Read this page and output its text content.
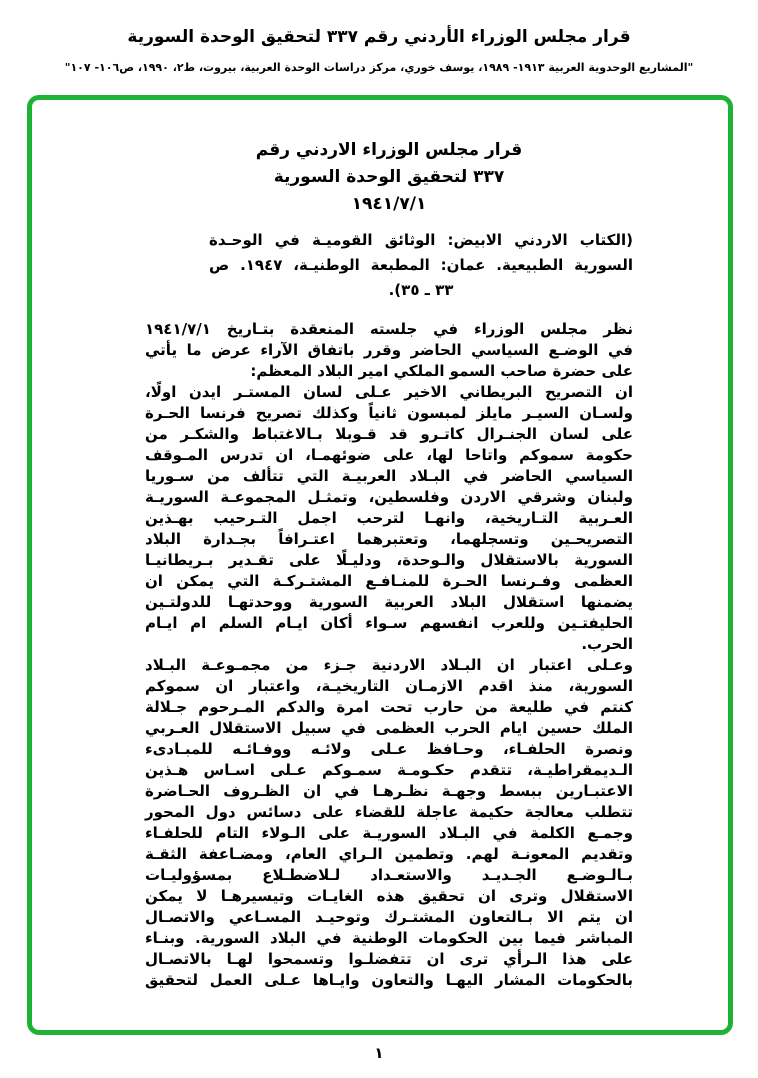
قرار مجلس الوزراء الأردني رقم ٣٣٧ لتحقيق الوحدة السورية
"المشاريع الوحدوية العربية ١٩١٣- ١٩٨٩، يوسف خوري، مركز دراسات الوحدة العربية، بيروت، ط٢، ١٩٩٠، ص١٠٦- ١٠٧"
قرار مجلس الوزراء الاردني رقم
٣٣٧ لتحقيق الوحدة السورية
١٩٤١/٧/١
(الكتاب الاردني الابيض: الوثائق القوميـة في الوحـدة
السورية الطبيعية. عمان: المطبعة الوطنيـة، ١٩٤٧. ص
٣٣ ـ ٣٥).
نظر مجلس الوزراء في جلسته المنعقدة بتـاريخ ١٩٤١/٧/١
في الوضـع السياسي الحاضر وقرر باتفاق الآراء عرض ما يأتي
على حضرة صاحب السمو الملكي امير البلاد المعظم:
ان التصريح البريطاني الاخير عـلى لسان المستـر ايدن اولًا،
ولسـان السيـر مايلز لمبسون ثانياً وكذلك تصريح فرنسا الحـرة
على لسان الجنـرال كاتـرو قد قـوبلا بـالاغتباط والشكـر من
حكومة سموكم واتاحا لها، على ضوئهمـا، ان تدرس المـوقف
السياسي الحاضر في البـلاد العربيـة التي تتألف من سـوريا
ولبنان وشرقي الاردن وفلسطين، وتمثـل المجموعـة السوريـة
العـربية التـاريخية، وانهـا لترحب اجمل التـرحيب بهـذين
التصريحـين وتسجلهما، وتعتبرهما اعتـرافاً بجـدارة البلاد
السورية بالاستقلال والـوحدة، ودليـلًا على تقـدير بـريطانيـا
العظمى وفـرنسا الحـرة للمنـافـع المشتـركـة التي يمكن ان
يضمنها استقلال البلاد العربية السورية ووحدتهـا للدولتـين
الحليفتـين وللعرب انفسهم سـواء أكان ايـام السلم ام ايـام
الحرب.
وعـلى اعتبار ان البـلاد الاردنية جـزء من مجمـوعـة البـلاد
السورية، منذ اقدم الازمـان التاريخيـة، واعتبار ان سموكم
كنتم في طليعة من حارب تحت امرة والدكم المـرحوم جـلالة
الملك حسين ايام الحرب العظمى في سبيل الاستقلال العـربي
ونصرة الحلفـاء، وحـافظ عـلى ولائـه ووفـائـه للمبـادىء
الـديمقراطيـة، تتقدم حكـومـة سمـوكم عـلى اسـاس هـذين
الاعتبـارين ببسط وجهـة نظـرهـا في ان الظـروف الحـاضرة
تتطلب معالجة حكيمة عاجلة للقضاء على دسائس دول المحور
وجمـع الكلمة في البـلاد السوريـة على الـولاء التام للحلفـاء
وتقديم المعونـة لهم. وتطمين الـراي العام، ومضـاعفة الثقـة
بـالـوضـع الجـديـد والاستعـداد لـلاضطـلاع بمسؤوليـات
الاستقلال وترى ان تحقيق هذه الغايـات وتيسيرهـا لا يمكن
ان يتم الا بـالتعاون المشتـرك وتوحيـد المسـاعي والاتصـال
المباشر فيما بين الحكومات الوطنية في البلاد السورية. وبنـاء
على هذا الـرأي ترى ان تتفضلـوا وتسمحوا لهـا بالاتصـال
بالحكومات المشار اليهـا والتعاون وايـاها عـلى العمل لتحقيق
١
